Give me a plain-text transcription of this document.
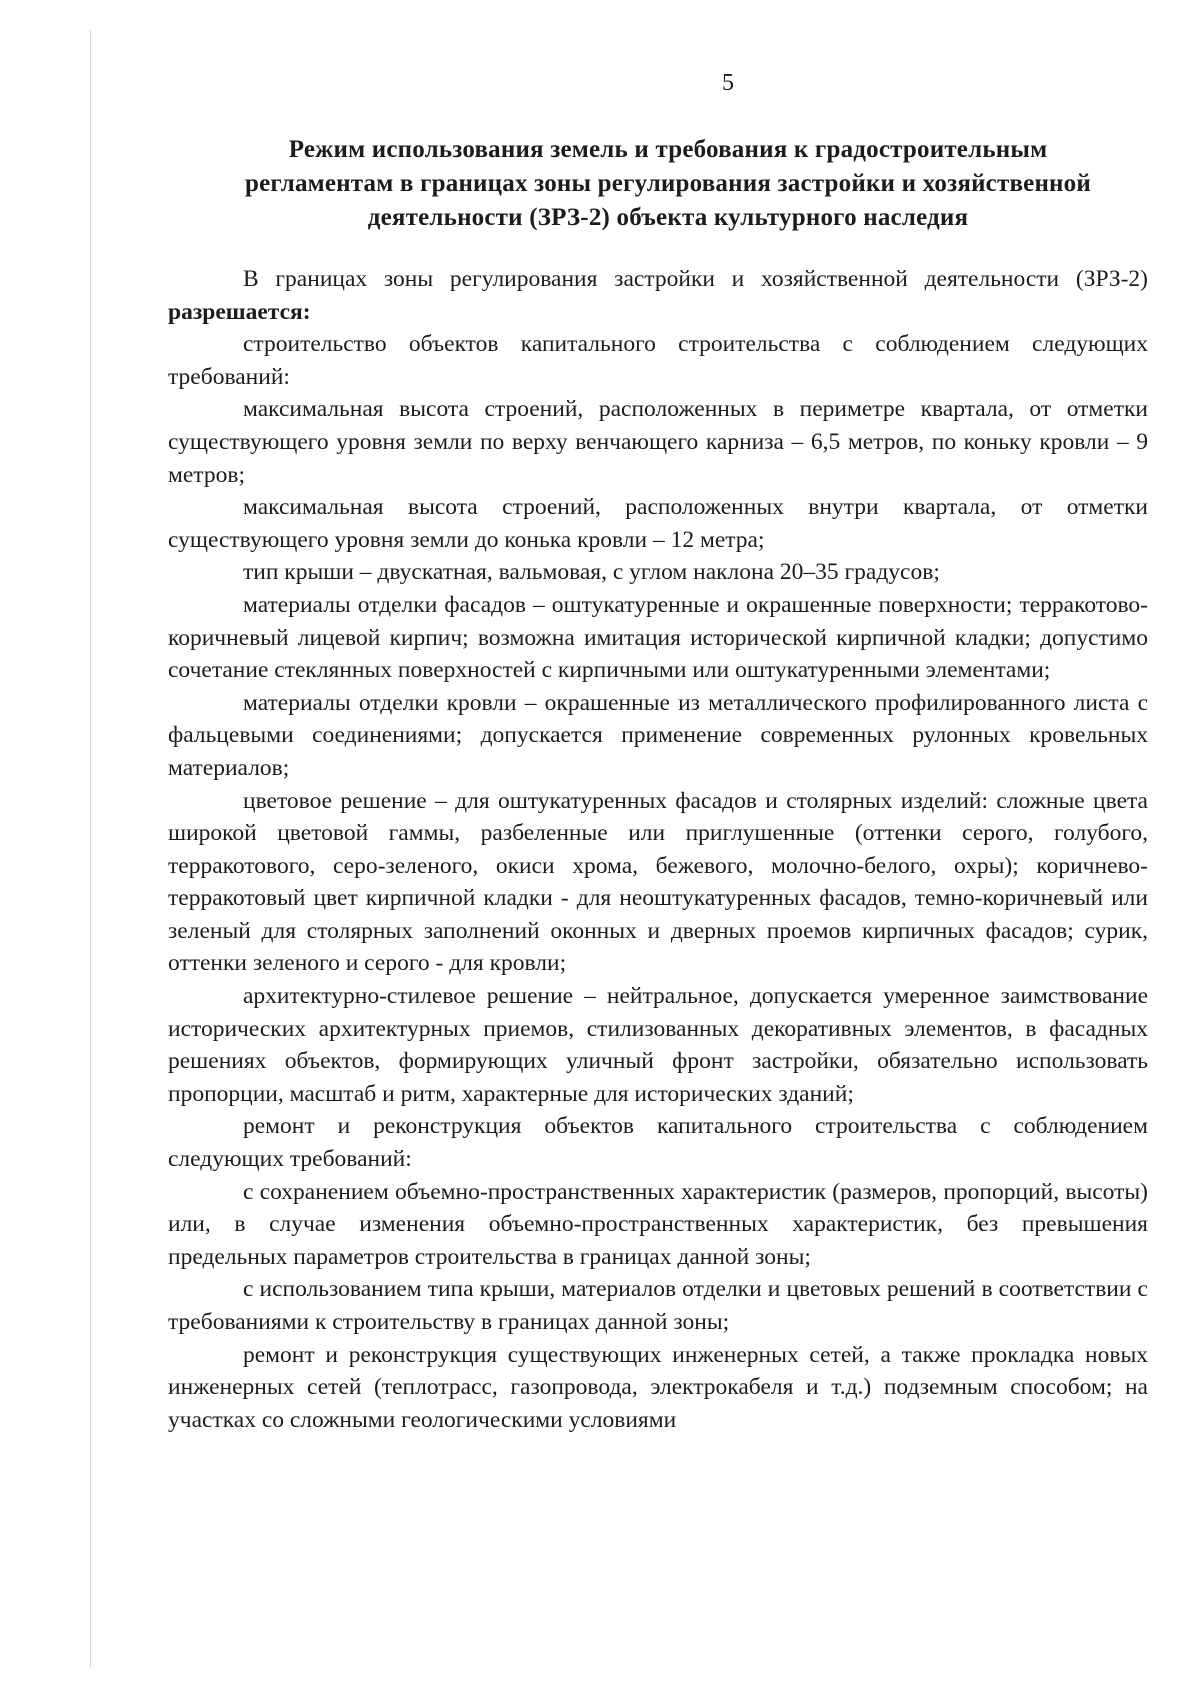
5
Режим использования земель и требования к градостроительным
регламентам в границах зоны регулирования застройки и хозяйственной
деятельности (ЗРЗ-2) объекта культурного наследия

В границах зоны регулирования застройки и хозяйственной деятельности (ЗРЗ-2) разрешается:

строительство объектов капитального строительства с соблюдением следующих требований:

максимальная высота строений, расположенных в периметре квартала, от отметки существующего уровня земли по верху венчающего карниза – 6,5 метров, по коньку кровли – 9 метров;

максимальная высота строений, расположенных внутри квартала, от отметки существующего уровня земли до конька кровли – 12 метра;

тип крыши – двускатная, вальмовая, с углом наклона 20–35 градусов;

материалы отделки фасадов – оштукатуренные и окрашенные поверхности; терракотово-коричневый лицевой кирпич; возможна имитация исторической кирпичной кладки; допустимо сочетание стеклянных поверхностей с кирпичными или оштукатуренными элементами;

материалы отделки кровли – окрашенные из металлического профилированного листа с фальцевыми соединениями; допускается применение современных рулонных кровельных материалов;

цветовое решение – для оштукатуренных фасадов и столярных изделий: сложные цвета широкой цветовой гаммы, разбеленные или приглушенные (оттенки серого, голубого, терракотового, серо-зеленого, окиси хрома, бежевого, молочно-белого, охры); коричнево-терракотовый цвет кирпичной кладки - для неоштукатуренных фасадов, темно-коричневый или зеленый для столярных заполнений оконных и дверных проемов кирпичных фасадов; сурик, оттенки зеленого и серого - для кровли;

архитектурно-стилевое решение – нейтральное, допускается умеренное заимствование исторических архитектурных приемов, стилизованных декоративных элементов, в фасадных решениях объектов, формирующих уличный фронт застройки, обязательно использовать пропорции, масштаб и ритм, характерные для исторических зданий;

ремонт и реконструкция объектов капитального строительства с соблюдением следующих требований:

с сохранением объемно-пространственных характеристик (размеров, пропорций, высоты) или, в случае изменения объемно-пространственных характеристик, без превышения предельных параметров строительства в границах данной зоны;

с использованием типа крыши, материалов отделки и цветовых решений в соответствии с требованиями к строительству в границах данной зоны;

ремонт и реконструкция существующих инженерных сетей, а также прокладка новых инженерных сетей (теплотрасс, газопровода, электрокабеля и т.д.) подземным способом; на участках со сложными геологическими условиями
